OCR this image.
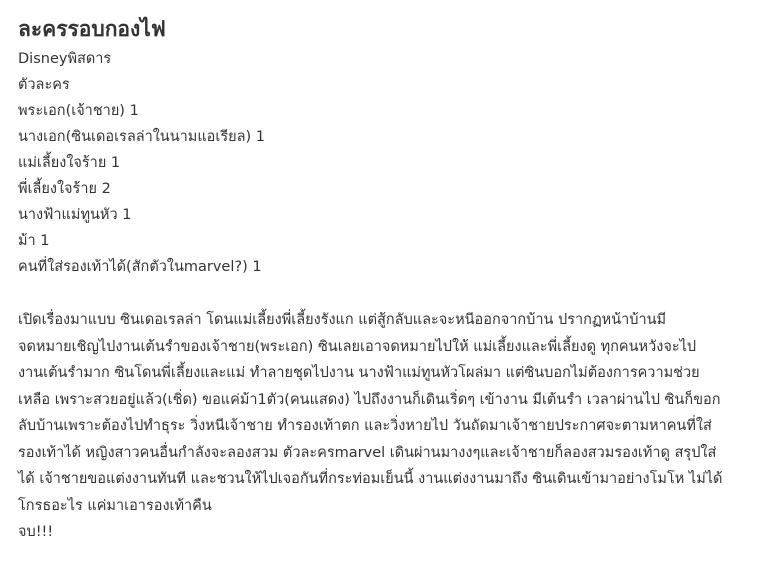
ละครรอบกองไฟ
Disneyพิสดาร
ตัวละคร
พระเอก(เจ้าชาย) 1
นางเอก(ซินเดอเรลล่าในนามแอเรียล) 1
แม่เลี้ยงใจร้าย 1
พี่เลี้ยงใจร้าย 2
นางฟ้าแม่ทูนหัว 1
ม้า 1
คนที่ใส่รองเท้าได้(สักตัวในmarvel?) 1
เปิดเรื่องมาแบบ ซินเดอเรลล่า โดนแม่เลี้ยงพี่เลี้ยงรังแก แต่สู้กลับและจะหนีออกจากบ้าน ปรากฏหน้าบ้านมี
จดหมายเชิญไปงานเต้นรำของเจ้าชาย(พระเอก) ซินเลยเอาจดหมายไปให้ แม่เลี้ยงและพี่เลี้ยงดู ทุกคนหวังจะไป
งานเต้นรำมาก ซินโดนพี่เลี้ยงและแม่ ทำลายชุดไปงาน นางฟ้าแม่ทูนหัวโผล่มา แต่ซินบอกไม่ต้องการความช่วย
เหลือ เพราะสวยอยู่แล้ว(เชิ่ด) ขอแค่ม้า1ตัว(คนแสดง) ไปถึงงานก็เดินเริ่ดๆ เข้างาน มีเต้นรำ เวลาผ่านไป ซินก็ขอก
ลับบ้านเพราะต้องไปทำธุระ วิ่งหนีเจ้าชาย ทำรองเท้าตก และวิ่งหายไป วันถัดมาเจ้าชายประกาศจะตามหาคนที่ใส่
รองเท้าได้ หญิงสาวคนอื่นกำลังจะลองสวม ตัวละครmarvel เดินผ่านมางงๆและเจ้าชายก็ลองสวมรองเท้าดู สรุปใส่
ได้ เจ้าชายขอแต่งงานทันที และชวนให้ไปเจอกันที่กระท่อมเย็นนี้ งานแต่งงานมาถึง ซินเดินเข้ามาอย่างโมโห ไม่ได้
โกรธอะไร แค่มาเอารองเท้าคืน
จบ!!!
